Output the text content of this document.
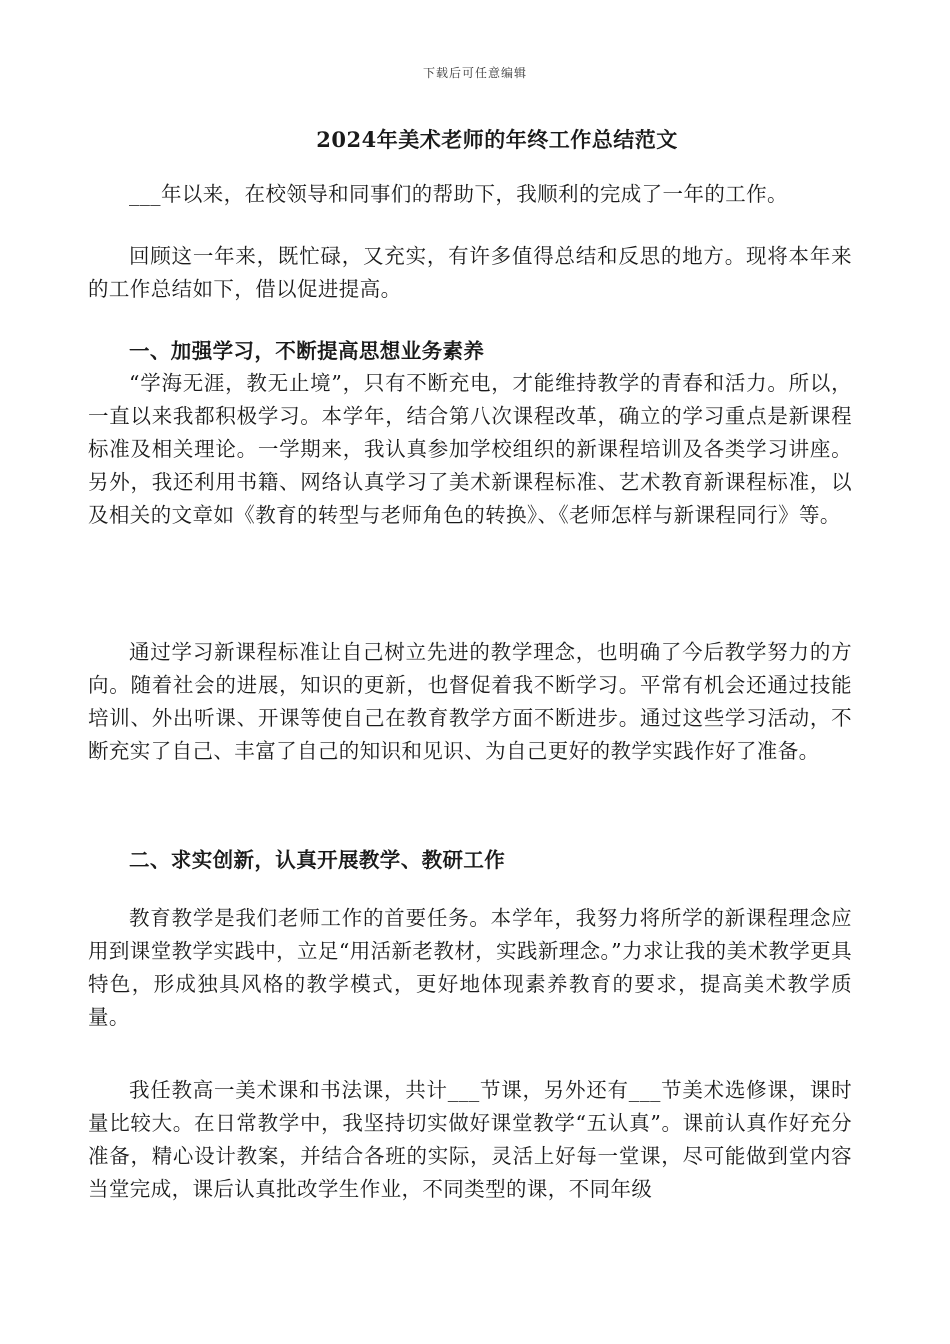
下载后可任意编辑
2024年美术老师的年终工作总结范文

___年以来，在校领导和同事们的帮助下，我顺利的完成了一年的工作。

回顾这一年来，既忙碌，又充实，有许多值得总结和反思的地方。现将本年来的工作总结如下，借以促进提高。

一、加强学习，不断提高思想业务素养

“学海无涯，教无止境”，只有不断充电，才能维持教学的青春和活力。所以，一直以来我都积极学习。本学年，结合第八次课程改革，确立的学习重点是新课程标准及相关理论。一学期来，我认真参加学校组织的新课程培训及各类学习讲座。另外，我还利用书籍、网络认真学习了美术新课程标准、艺术教育新课程标准，以及相关的文章如《教育的转型与老师角色的转换》、《老师怎样与新课程同行》等。

通过学习新课程标准让自己树立先进的教学理念，也明确了今后教学努力的方向。随着社会的进展，知识的更新，也督促着我不断学习。平常有机会还通过技能培训、外出听课、开课等使自己在教育教学方面不断进步。通过这些学习活动，不断充实了自己、丰富了自己的知识和见识、为自己更好的教学实践作好了准备。

二、求实创新，认真开展教学、教研工作

教育教学是我们老师工作的首要任务。本学年，我努力将所学的新课程理念应用到课堂教学实践中，立足“用活新老教材，实践新理念。”力求让我的美术教学更具特色，形成独具风格的教学模式，更好地体现素养教育的要求，提高美术教学质量。

我任教高一美术课和书法课，共计___节课，另外还有___节美术选修课，课时量比较大。在日常教学中，我坚持切实做好课堂教学“五认真”。课前认真作好充分准备，精心设计教案，并结合各班的实际，灵活上好每一堂课，尽可能做到堂内容当堂完成，课后认真批改学生作业，不同类型的课，不同年级
